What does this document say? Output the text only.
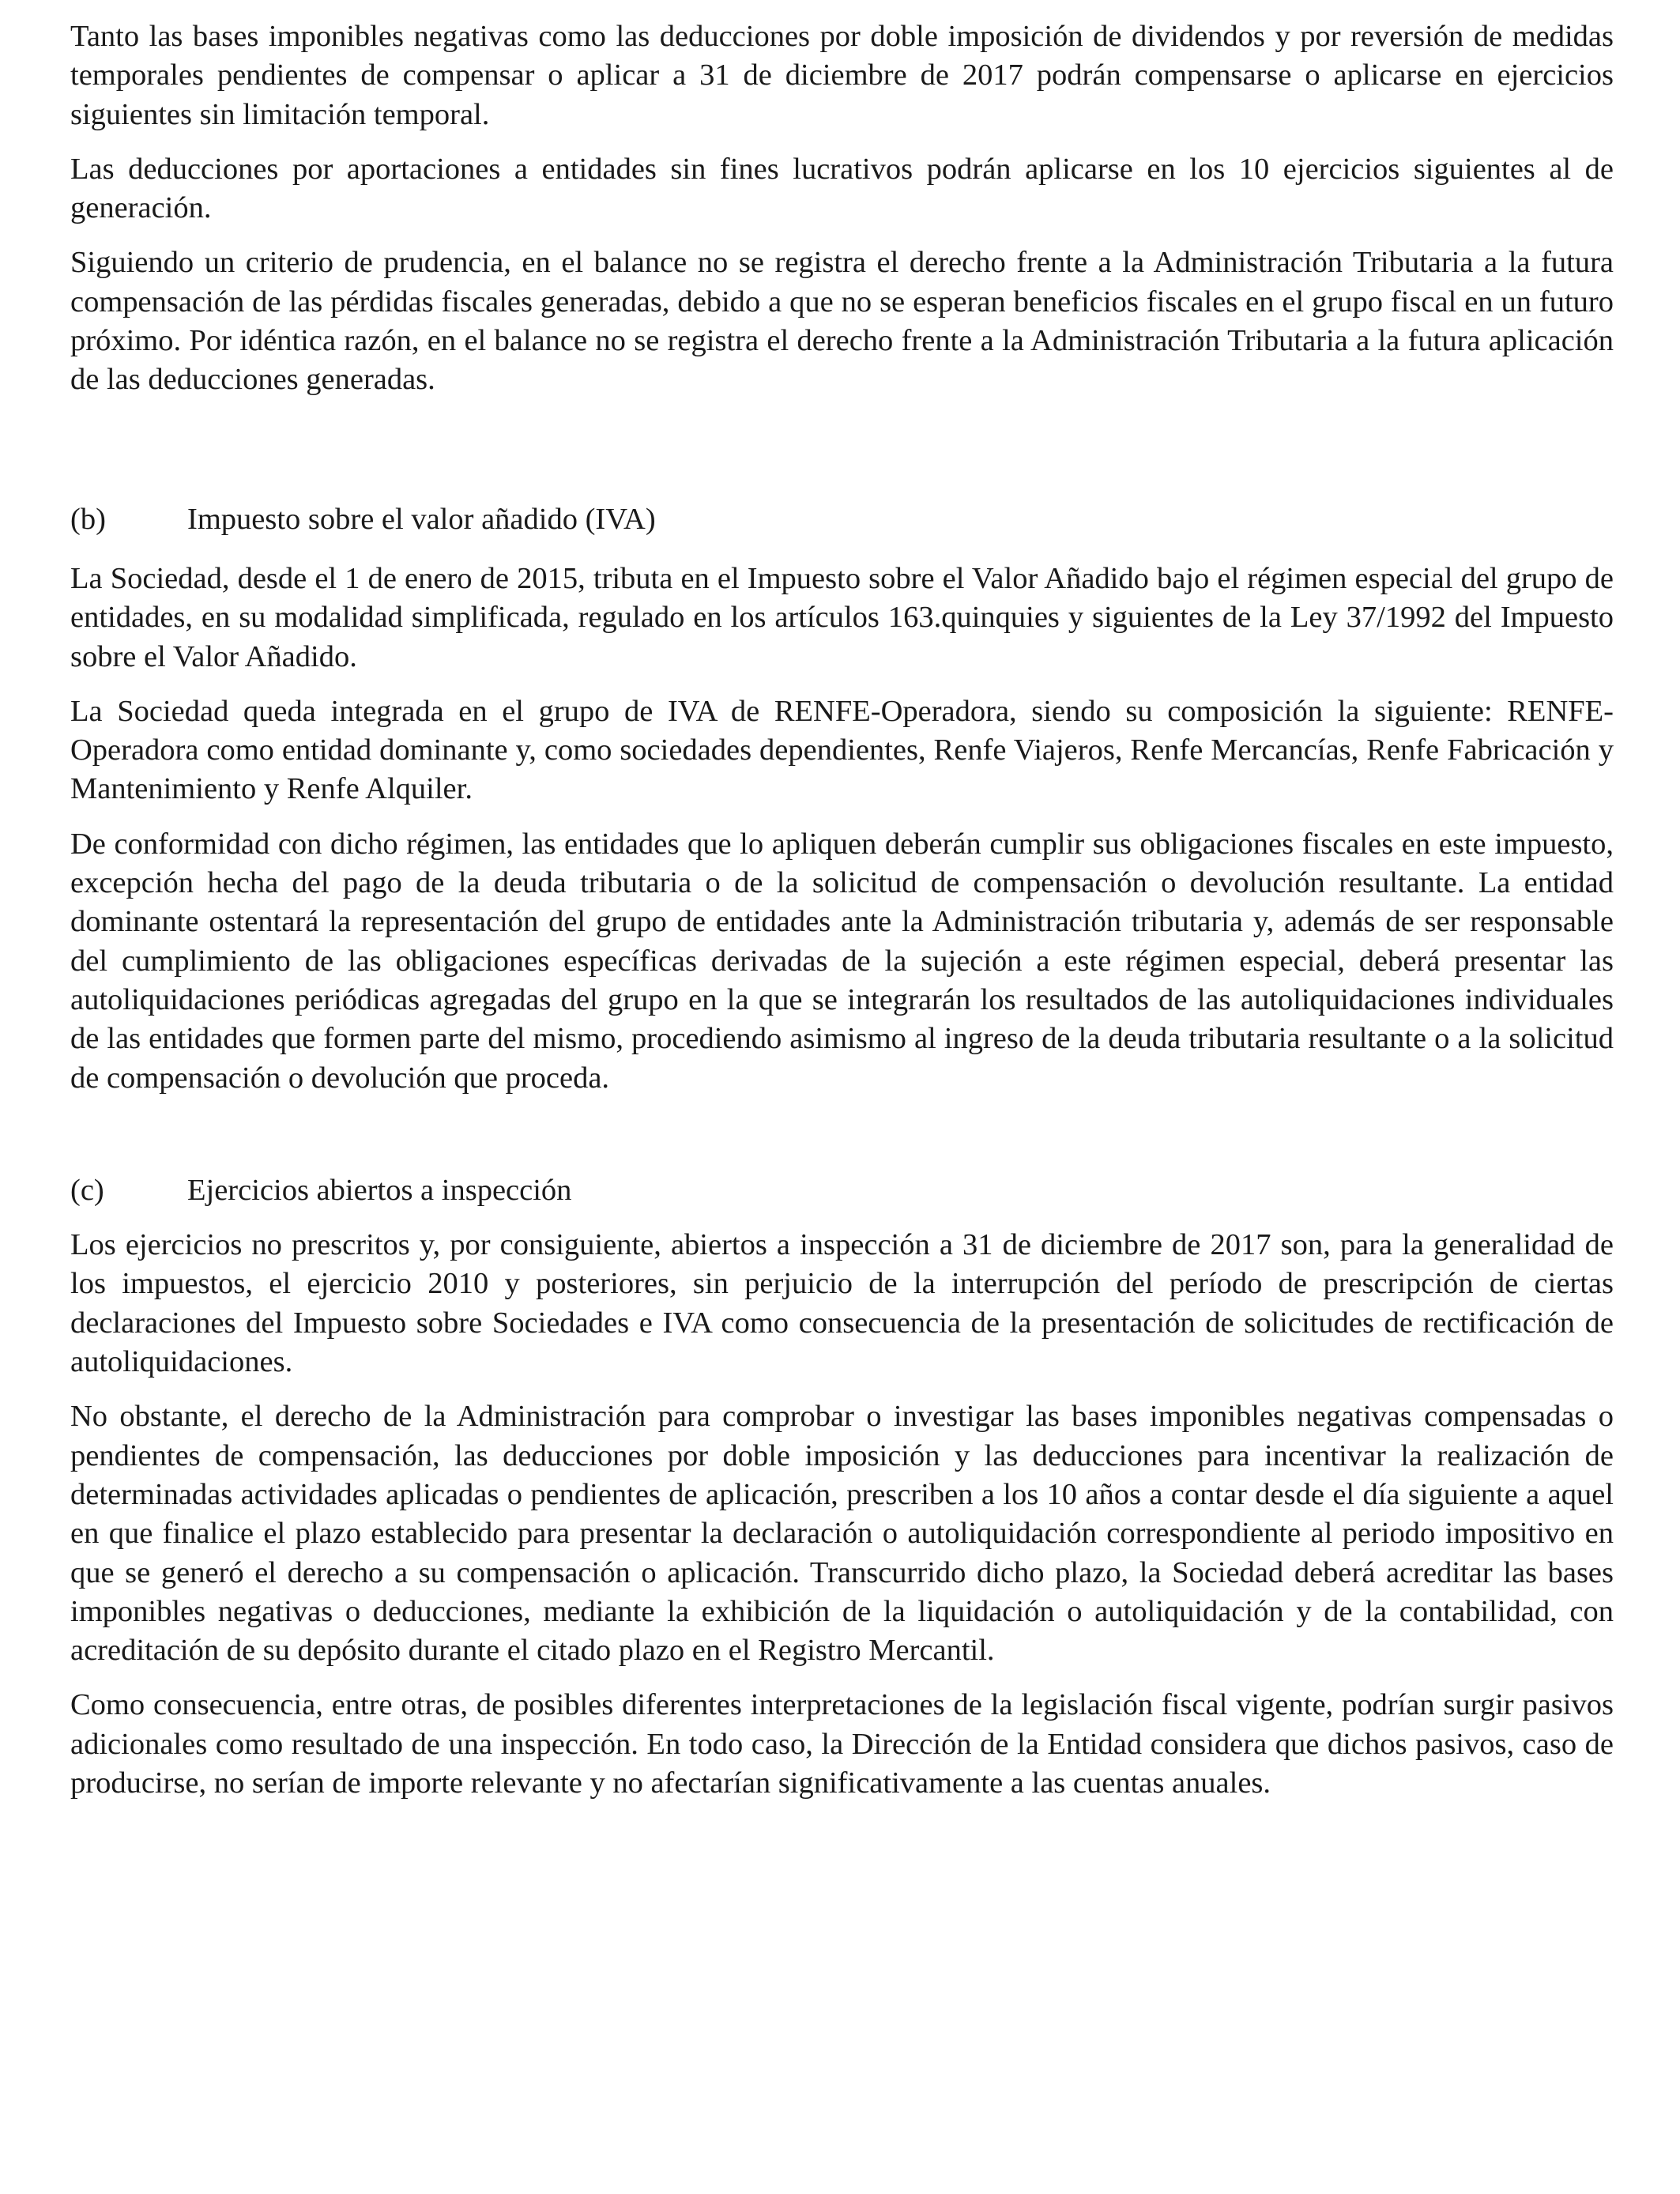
Tanto las bases imponibles negativas como las deducciones por doble imposición de dividendos y por reversión de medidas temporales pendientes de compensar o aplicar a 31 de diciembre de 2017 podrán compensarse o aplicarse en ejercicios siguientes sin limitación temporal.

Las deducciones por aportaciones a entidades sin fines lucrativos podrán aplicarse en los 10 ejercicios siguientes al de generación.

Siguiendo un criterio de prudencia, en el balance no se registra el derecho frente a la Administración Tributaria a la futura compensación de las pérdidas fiscales generadas, debido a que no se esperan beneficios fiscales en el grupo fiscal en un futuro próximo. Por idéntica razón, en el balance no se registra el derecho frente a la Administración Tributaria a la futura aplicación de las deducciones generadas.

(b)	Impuesto sobre el valor añadido (IVA)

La Sociedad, desde el 1 de enero de 2015, tributa en el Impuesto sobre el Valor Añadido bajo el régimen especial del grupo de entidades, en su modalidad simplificada, regulado en los artículos 163.quinquies y siguientes de la Ley 37/1992 del Impuesto sobre el Valor Añadido.

La Sociedad queda integrada en el grupo de IVA de RENFE-Operadora, siendo su composición la siguiente: RENFE-Operadora como entidad dominante y, como sociedades dependientes, Renfe Viajeros, Renfe Mercancías, Renfe Fabricación y Mantenimiento y Renfe Alquiler.

De conformidad con dicho régimen, las entidades que lo apliquen deberán cumplir sus obligaciones fiscales en este impuesto, excepción hecha del pago de la deuda tributaria o de la solicitud de compensación o devolución resultante. La entidad dominante ostentará la representación del grupo de entidades ante la Administración tributaria y, además de ser responsable del cumplimiento de las obligaciones específicas derivadas de la sujeción a este régimen especial, deberá presentar las autoliquidaciones periódicas agregadas del grupo en la que se integrarán los resultados de las autoliquidaciones individuales de las entidades que formen parte del mismo, procediendo asimismo al ingreso de la deuda tributaria resultante o a la solicitud de compensación o devolución que proceda.

(c)	Ejercicios abiertos a inspección

Los ejercicios no prescritos y, por consiguiente, abiertos a inspección a 31 de diciembre de 2017 son, para la generalidad de los impuestos, el ejercicio 2010 y posteriores, sin perjuicio de la interrupción del período de prescripción de ciertas declaraciones del Impuesto sobre Sociedades e IVA como consecuencia de la presentación de solicitudes de rectificación de autoliquidaciones.

No obstante, el derecho de la Administración para comprobar o investigar las bases imponibles negativas compensadas o pendientes de compensación, las deducciones por doble imposición y las deducciones para incentivar la realización de determinadas actividades aplicadas o pendientes de aplicación, prescriben a los 10 años a contar desde el día siguiente a aquel en que finalice el plazo establecido para presentar la declaración o autoliquidación correspondiente al periodo impositivo en que se generó el derecho a su compensación o aplicación. Transcurrido dicho plazo, la Sociedad deberá acreditar las bases imponibles negativas o deducciones, mediante la exhibición de la liquidación o autoliquidación y de la contabilidad, con acreditación de su depósito durante el citado plazo en el Registro Mercantil.

Como consecuencia, entre otras, de posibles diferentes interpretaciones de la legislación fiscal vigente, podrían surgir pasivos adicionales como resultado de una inspección. En todo caso, la Dirección de la Entidad considera que dichos pasivos, caso de producirse, no serían de importe relevante y no afectarían significativamente a las cuentas anuales.
